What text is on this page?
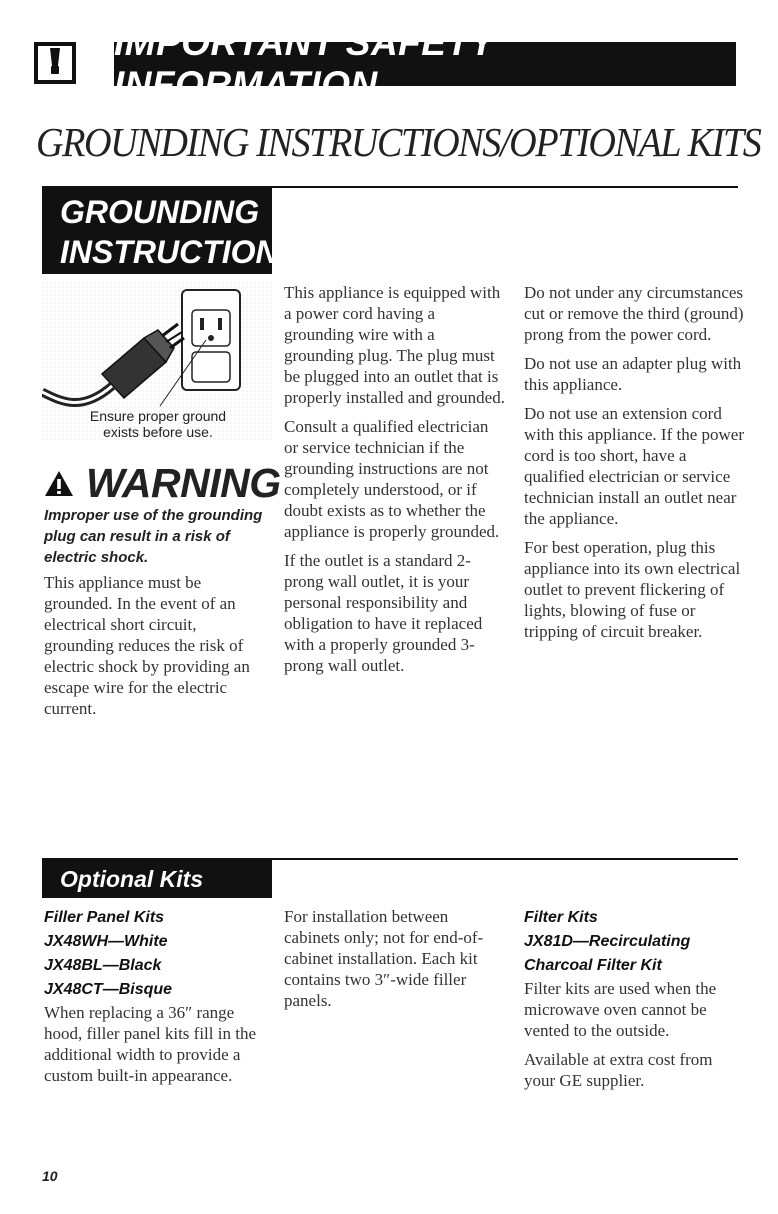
IMPORTANT SAFETY INFORMATION
GROUNDING INSTRUCTIONS/OPTIONAL KITS
GROUNDING
INSTRUCTIONS
Ensure proper ground
exists before use.
WARNING
Improper use of the grounding plug can result in a risk of electric shock.

This appliance must be grounded. In the event of an electrical short circuit, grounding reduces the risk of electric shock by providing an escape wire for the electric current.

This appliance is equipped with a power cord having a grounding wire with a grounding plug. The plug must be plugged into an outlet that is properly installed and grounded.

Consult a qualified electrician or service technician if the grounding instructions are not completely understood, or if doubt exists as to whether the appliance is properly grounded.

If the outlet is a standard 2-prong wall outlet, it is your personal responsibility and obligation to have it replaced with a properly grounded 3-prong wall outlet.

Do not under any circumstances cut or remove the third (ground) prong from the power cord.

Do not use an adapter plug with this appliance.

Do not use an extension cord with this appliance. If the power cord is too short, have a qualified electrician or service technician install an outlet near the appliance.

For best operation, plug this appliance into its own electrical outlet to prevent flickering of lights, blowing of fuse or tripping of circuit breaker.

Optional Kits
Filler Panel Kits
JX48WH—White
JX48BL—Black
JX48CT—Bisque

When replacing a 36″ range hood, filler panel kits fill in the additional width to provide a custom built-in appearance.

For installation between cabinets only; not for end-of-cabinet installation. Each kit contains two 3″-wide filler panels.

Filter Kits
JX81D—Recirculating
Charcoal Filter Kit

Filter kits are used when the microwave oven cannot be vented to the outside.

Available at extra cost from your GE supplier.

10
